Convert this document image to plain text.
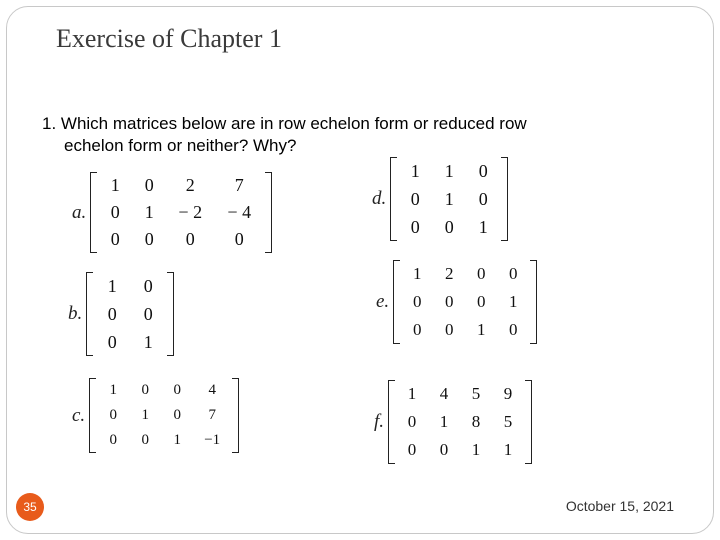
Exercise of Chapter 1
1. Which matrices below are in row echelon form or reduced row
echelon form or neither? Why?
a.
1	0	2	7
0	1	− 2	− 4
0	0	0	0
b.
1	0
0	0
0	1
c.
1	0	0	4
0	1	0	7
0	0	1	−1
d.
1	1	0
0	1	0
0	0	1
e.
1	2	0	0
0	0	0	1
0	0	1	0
f.
1	4	5	9
0	1	8	5
0	0	1	1
35	October 15, 2021
